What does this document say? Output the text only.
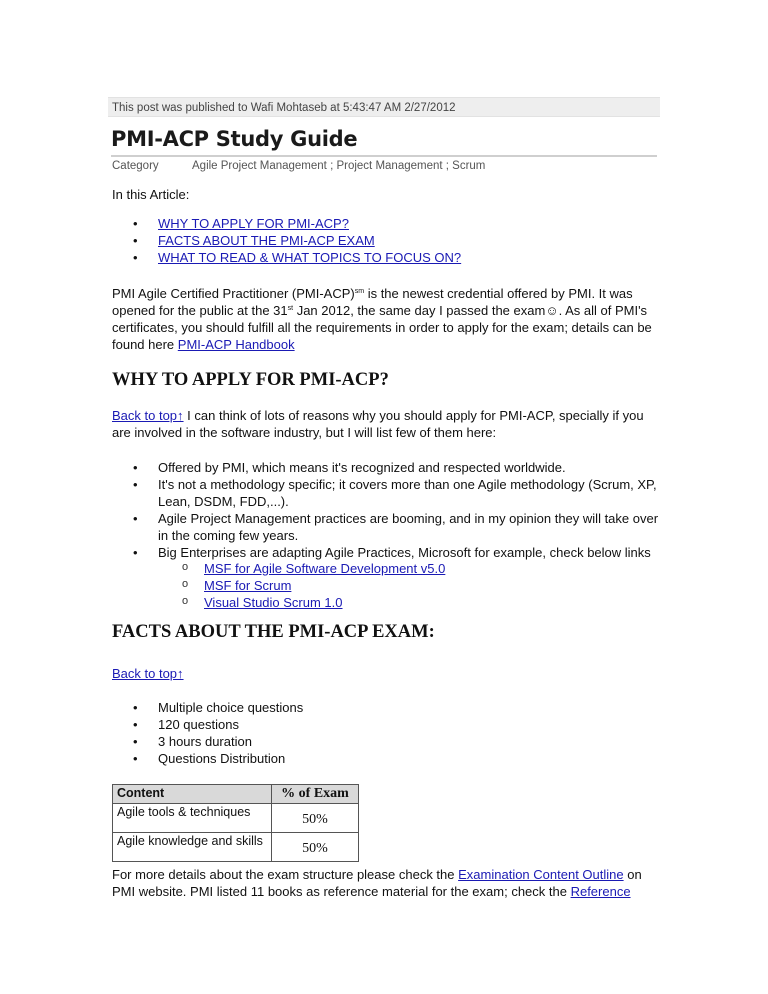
This post was published to Wafi Mohtaseb at 5:43:47 AM 2/27/2012
PMI-ACP Study Guide
Category	Agile Project Management ; Project Management ; Scrum
In this Article:
• WHY TO APPLY FOR PMI-ACP?
• FACTS ABOUT THE PMI-ACP EXAM
• WHAT TO READ & WHAT TOPICS TO FOCUS ON?
PMI Agile Certified Practitioner $(PMI-ACP)^{sm}$ is the newest credential offered by PMI. It was opened for the public at the 31st Jan 2012, the same day I passed the exam☺. As all of PMI's certificates, you should fulfill all the requirements in order to apply for the exam; details can be found here PMI-ACP Handbook
WHY TO APPLY FOR PMI-ACP?
Back to top↑ I can think of lots of reasons why you should apply for PMI-ACP, specially if you are involved in the software industry, but I will list few of them here:
• Offered by PMI, which means it's recognized and respected worldwide.
• It's not a methodology specific; it covers more than one Agile methodology (Scrum, XP, Lean, DSDM, FDD,...).
• Agile Project Management practices are booming, and in my opinion they will take over in the coming few years.
• Big Enterprises are adapting Agile Practices, Microsoft for example, check below links
o MSF for Agile Software Development v5.0
o MSF for Scrum
o Visual Studio Scrum 1.0
FACTS ABOUT THE PMI-ACP EXAM:
Back to top↑
• Multiple choice questions
• 120 questions
• 3 hours duration
• Questions Distribution
Content	% of Exam
Agile tools & techniques	50%
Agile knowledge and skills	50%
For more details about the exam structure please check the Examination Content Outline on PMI website. PMI listed 11 books as reference material for the exam; check the Reference
